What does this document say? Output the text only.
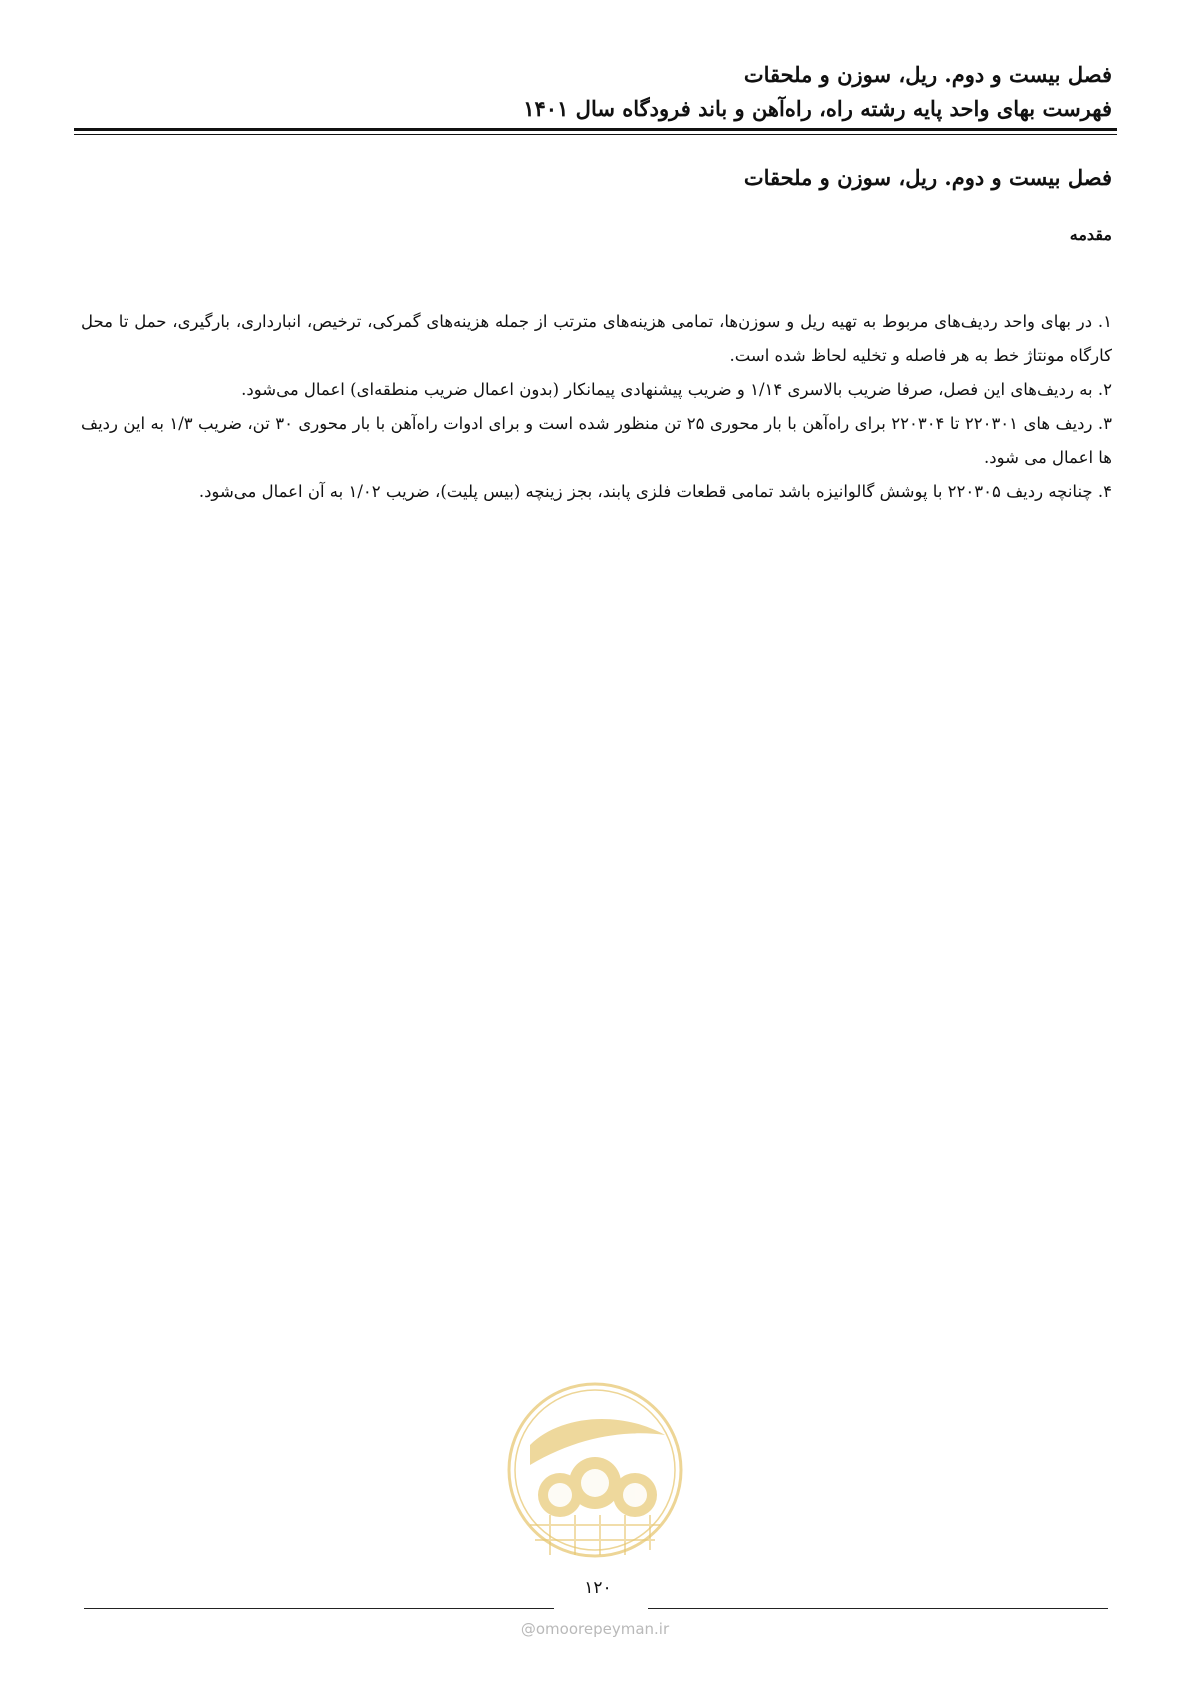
فصل بیست و دوم. ریل، سوزن و ملحقات
فهرست بهای واحد پایه رشته راه، راه‌آهن و باند فرودگاه سال ۱۴۰۱
فصل بیست و دوم. ریل، سوزن و ملحقات
مقدمه
۱. در بهای واحد ردیف‌های مربوط به تهیه ریل و سوزن‌ها، تمامی هزینه‌های مترتب از جمله هزینه‌های گمرکی، ترخیص، انبارداری، بارگیری، حمل تا محل کارگاه مونتاژ خط به هر فاصله و تخلیه لحاظ شده است.
۲. به ردیف‌های این فصل، صرفا ضریب بالاسری ۱/۱۴ و ضریب پیشنهادی پیمانکار (بدون اعمال ضریب منطقه‌ای) اعمال می‌شود.
۳. ردیف های ۲۲۰۳۰۱ تا ۲۲۰۳۰۴ برای راه‌آهن با بار محوری ۲۵ تن منظور شده است و برای ادوات راه‌آهن با بار محوری ۳۰ تن، ضریب ۱/۳ به این ردیف ها اعمال می شود.
۴. چنانچه ردیف ۲۲۰۳۰۵ با پوشش گالوانیزه باشد تمامی قطعات فلزی پابند، بجز زینچه (بیس پلیت)، ضریب ۱/۰۲ به آن اعمال می‌شود.
۱۲۰
@omoorepeyman.ir
